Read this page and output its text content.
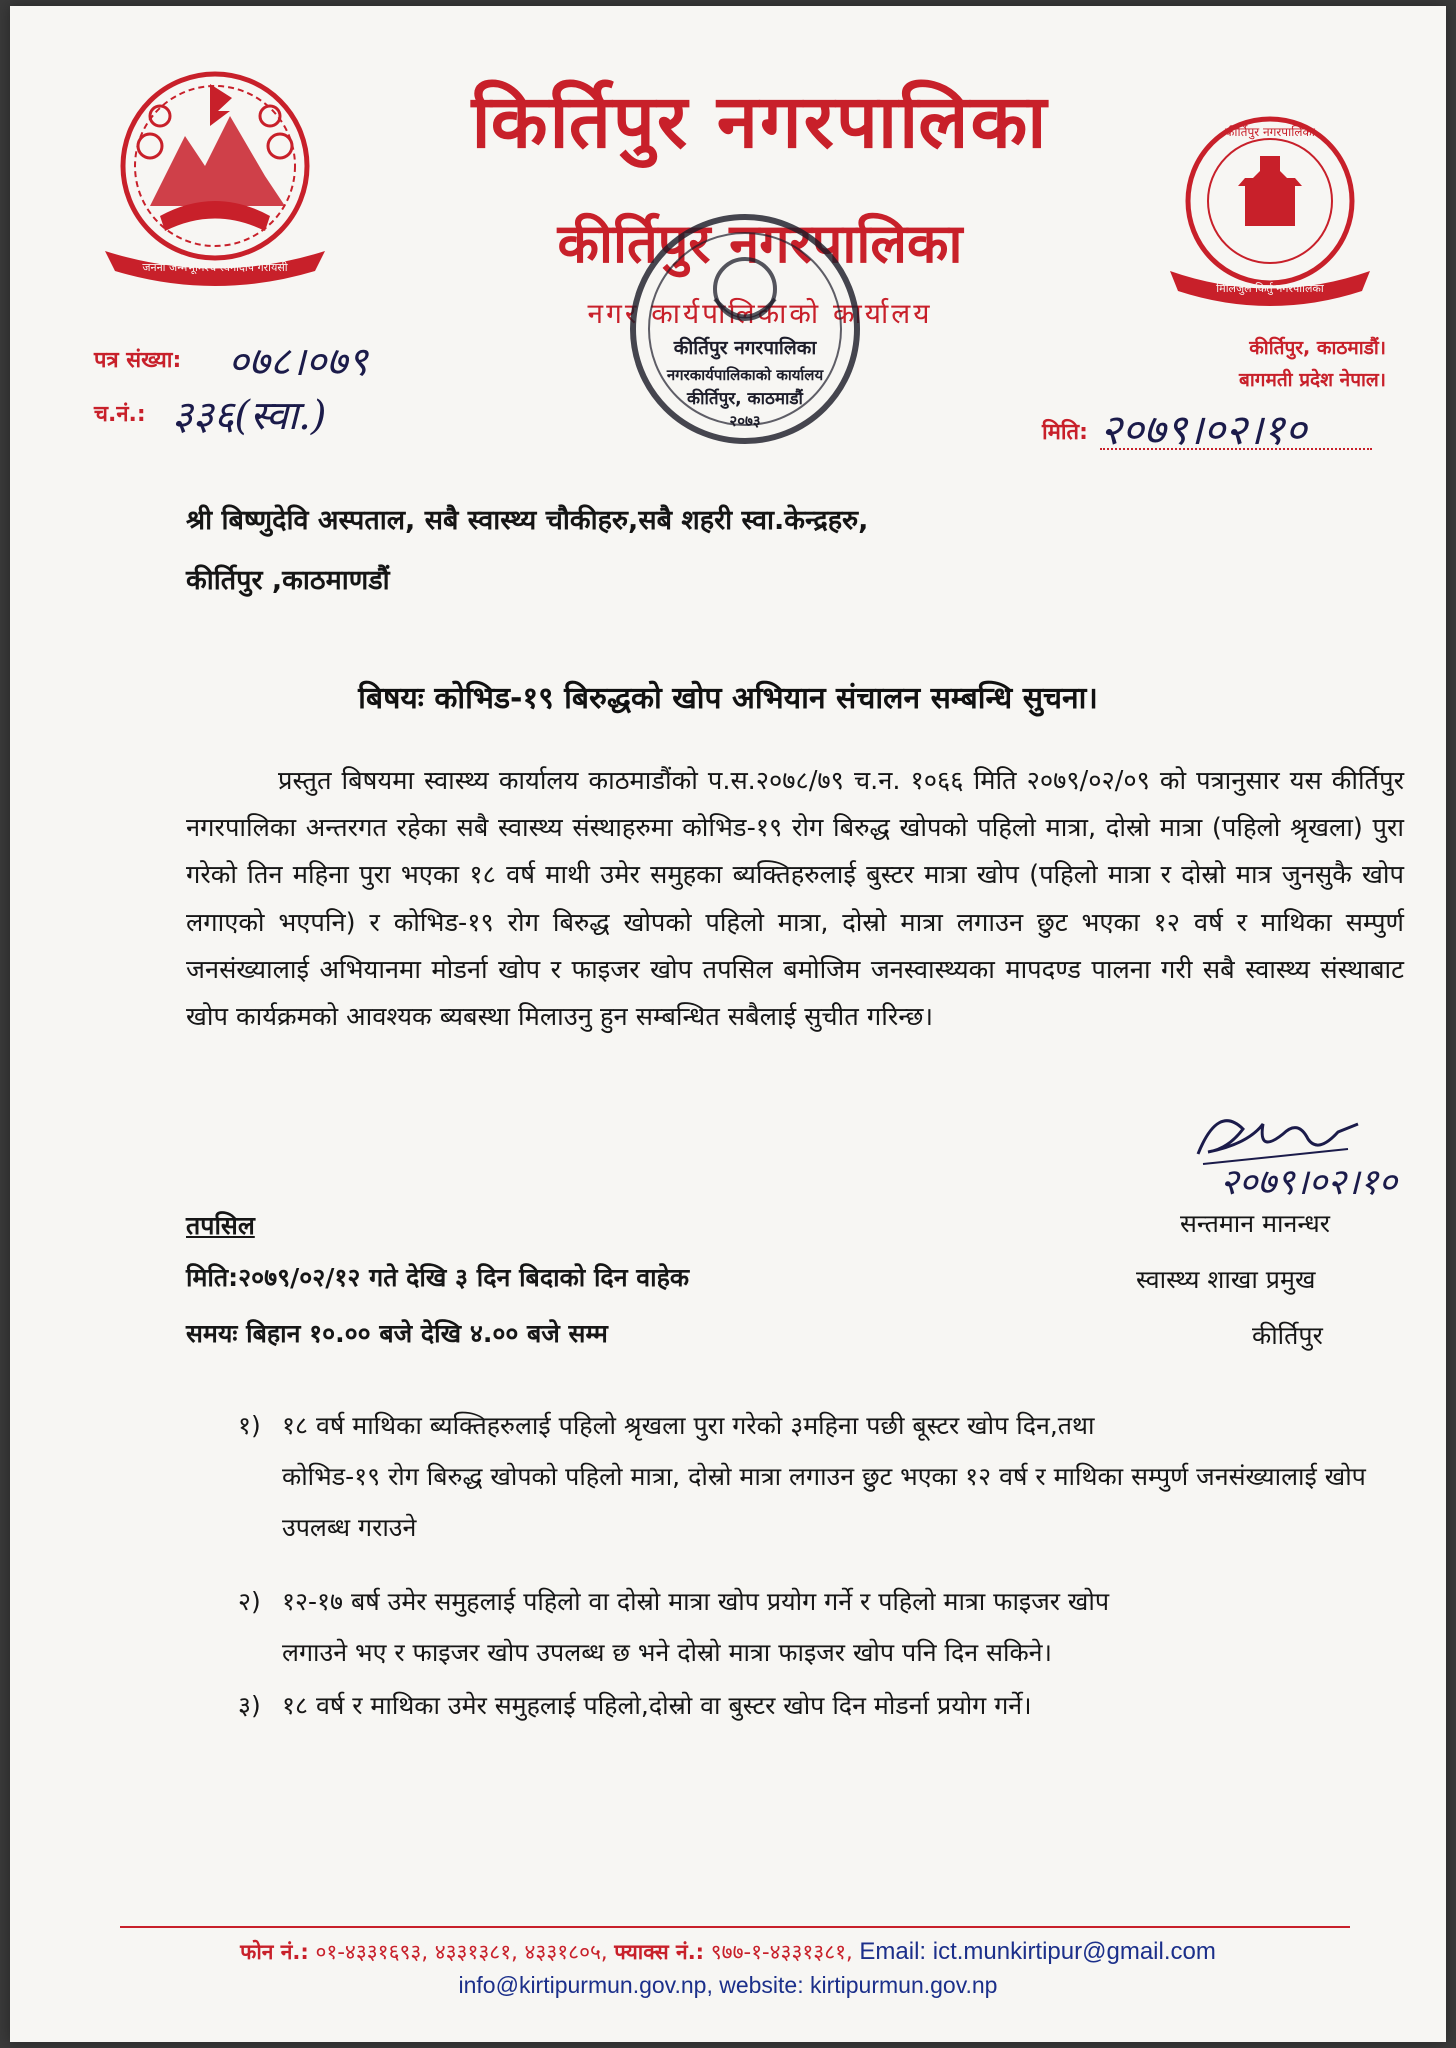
जननी जन्मभूमिश्च स्वर्गादपि गरीयसी
कीर्तिपुर नगरपालिका
मिलिजुल किर्तु नगरपालिका
किर्तिपुर नगरपालिका
कीर्तिपुर नगरपालिका
नगर कार्यपालिकाको कार्यालय
कीर्तिपुर, काठमाडौं।
बागमती प्रदेश नेपाल।
कीर्तिपुर नगरपालिका
नगरकार्यपालिकाको कार्यालय
कीर्तिपुर, काठमाडौं
२०७३
पत्र संख्या: ०७८।०७९
च.नं.: ३३६(स्वा.)	मिति: २०७९।०२।१०
श्री बिष्णुदेवि अस्पताल, सबै स्वास्थ्य चौकीहरु,सबै शहरी स्वा.केन्द्रहरु,
कीर्तिपुर ,काठमाणडौं
बिषयः कोभिड-१९ बिरुद्धको खोप अभियान संचालन सम्बन्धि सुचना।
प्रस्तुत बिषयमा स्वास्थ्य कार्यालय काठमाडौंको प.स.२०७८/७९ च.न. १०६६ मिति २०७९/०२/०९ को पत्रानुसार यस कीर्तिपुर नगरपालिका अन्तरगत रहेका सबै स्वास्थ्य संस्थाहरुमा कोभिड-१९ रोग बिरुद्ध खोपको पहिलो मात्रा, दोस्रो मात्रा (पहिलो श्रृखला) पुरा गरेको तिन महिना पुरा भएका १८ वर्ष माथी उमेर समुहका ब्यक्तिहरुलाई बुस्टर मात्रा खोप (पहिलो मात्रा र दोस्रो मात्र जुनसुकै खोप लगाएको भएपनि) र कोभिड-१९ रोग बिरुद्ध खोपको पहिलो मात्रा, दोस्रो मात्रा लगाउन छुट भएका १२ वर्ष र माथिका सम्पुर्ण जनसंख्यालाई अभियानमा मोडर्ना खोप र फाइजर खोप तपसिल बमोजिम जनस्वास्थ्यका मापदण्ड पालना गरी सबै स्वास्थ्य संस्थाबाट खोप कार्यक्रमको आवश्यक ब्यबस्था मिलाउनु हुन सम्बन्धित सबैलाई सुचीत गरिन्छ।
२०७९।०२।१०
तपसिल
मिति:२०७९/०२/१२ गते देखि ३ दिन बिदाको दिन वाहेक
समयः बिहान १०.०० बजे देखि ४.०० बजे सम्म
सन्तमान मानन्धर
स्वास्थ्य शाखा प्रमुख
कीर्तिपुर
१) १८ वर्ष माथिका ब्यक्तिहरुलाई पहिलो श्रृखला पुरा गरेको ३महिना पछी बूस्टर खोप दिन,तथा
कोभिड-१९ रोग बिरुद्ध खोपको पहिलो मात्रा, दोस्रो मात्रा लगाउन छुट भएका १२ वर्ष र माथिका सम्पुर्ण जनसंख्यालाई खोप उपलब्ध गराउने
२) १२-१७ बर्ष उमेर समुहलाई पहिलो वा दोस्रो मात्रा खोप प्रयोग गर्ने र पहिलो मात्रा फाइजर खोप
लगाउने भए र फाइजर खोप उपलब्ध छ भने दोस्रो मात्रा फाइजर खोप पनि दिन सकिने।
३) १८ वर्ष र माथिका उमेर समुहलाई पहिलो,दोस्रो वा बुस्टर खोप दिन मोडर्ना प्रयोग गर्ने।
फोन नं.: ०१-४३३१६९३, ४३३१३८१, ४३३१८०५, फ्याक्स नं.: ९७७-१-४३३१३८१, Email: ict.munkirtipur@gmail.com
info@kirtipurmun.gov.np, website: kirtipurmun.gov.np
